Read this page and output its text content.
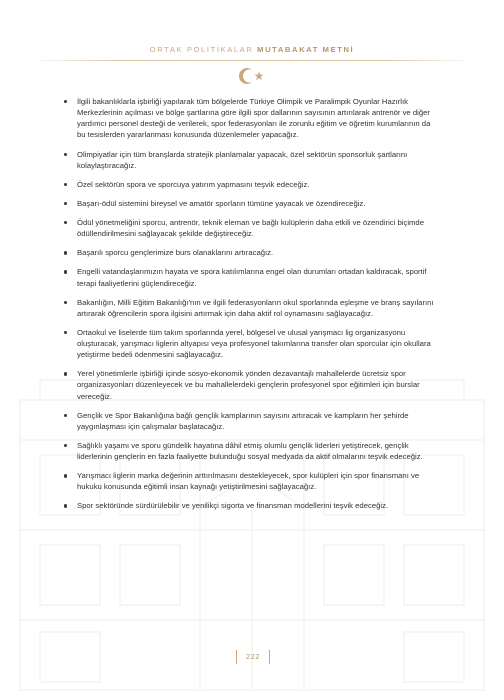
ORTAK POLİTİKALAR MUTABAKAT METNİ
İlgili bakanlıklarla işbirliği yapılarak tüm bölgelerde Türkiye Olimpik ve Paralimpik Oyunlar Hazırlık Merkezlerinin açılması ve bölge şartlarına göre ilgili spor dallarının sayısının artırılarak antrenör ve diğer yardımcı personel desteği de verilerek, spor federasyonları ile zorunlu eğitim ve öğretim kurumlarının da bu tesislerden yararlanması konusunda düzenlemeler yapacağız.
Olimpiyatlar için tüm branşlarda stratejik planlamalar yapacak, özel sektörün sponsorluk şartlarını kolaylaştıracağız.
Özel sektörün spora ve sporcuya yatırım yapmasını teşvik edeceğiz.
Başarı-ödül sistemini bireysel ve amatör sporların tümüne yayacak ve özendireceğiz.
Ödül yönetmeliğini sporcu, antrenör, teknik eleman ve bağlı kulüplerin daha etkili ve özendirici biçimde ödüllendirilmesini sağlayacak şekilde değiştireceğiz.
Başarılı sporcu gençlerimize burs olanaklarını artıracağız.
Engelli vatandaşlarımızın hayata ve spora katılımlarına engel olan durumları ortadan kaldıracak, sportif terapi faaliyetlerini güçlendireceğiz.
Bakanlığın, Milli Eğitim Bakanlığı'nın ve ilgili federasyonların okul sporlarında eşleşme ve branş sayılarını artırarak öğrencilerin spora ilgisini artırmak için daha aktif rol oynamasını sağlayacağız.
Ortaokul ve liselerde tüm takım sporlarında yerel, bölgesel ve ulusal yarışmacı lig organizasyonu oluşturacak, yarışmacı liglerin altyapısı veya profesyonel takımlarına transfer olan sporcular için okullara yetiştirme bedeli ödenmesini sağlayacağız.
Yerel yönetimlerle işbirliği içinde sosyo-ekonomik yönden dezavantajlı mahallelerde ücretsiz spor organizasyonları düzenleyecek ve bu mahallelerdeki gençlerin profesyonel spor eğitimleri için burslar vereceğiz.
Gençlik ve Spor Bakanlığına bağlı gençlik kamplarının sayısını artıracak ve kampların her şehirde yaygınlaşması için çalışmalar başlatacağız.
Sağlıklı yaşamı ve sporu gündelik hayatına dâhil etmiş olumlu gençlik liderleri yetiştirecek, gençlik liderlerinin gençlerin en fazla faaliyette bulunduğu sosyal medyada da aktif olmalarını teşvik edeceğiz.
Yarışmacı liglerin marka değerinin arttırılmasını destekleyecek, spor kulüpleri için spor finansmanı ve hukuku konusunda eğitimli insan kaynağı yetiştirilmesini sağlayacağız.
Spor sektöründe sürdürülebilir ve yenilikçi sigorta ve finansman modellerini teşvik edeceğiz.
222
